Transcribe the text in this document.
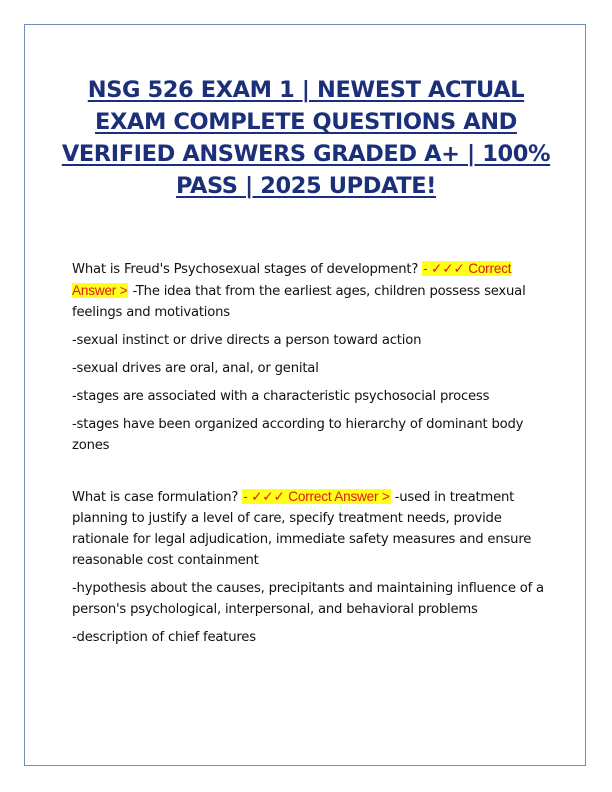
NSG 526 EXAM 1 | NEWEST ACTUAL EXAM COMPLETE QUESTIONS AND VERIFIED ANSWERS GRADED A+ | 100% PASS | 2025 UPDATE!

What is Freud's Psychosexual stages of development? - ✓✓✓ Correct Answer > -The idea that from the earliest ages, children possess sexual feelings and motivations

-sexual instinct or drive directs a person toward action

-sexual drives are oral, anal, or genital

-stages are associated with a characteristic psychosocial process

-stages have been organized according to hierarchy of dominant body zones

What is case formulation? - ✓✓✓ Correct Answer > -used in treatment planning to justify a level of care, specify treatment needs, provide rationale for legal adjudication, immediate safety measures and ensure reasonable cost containment

-hypothesis about the causes, precipitants and maintaining influence of a person's psychological, interpersonal, and behavioral problems

-description of chief features
